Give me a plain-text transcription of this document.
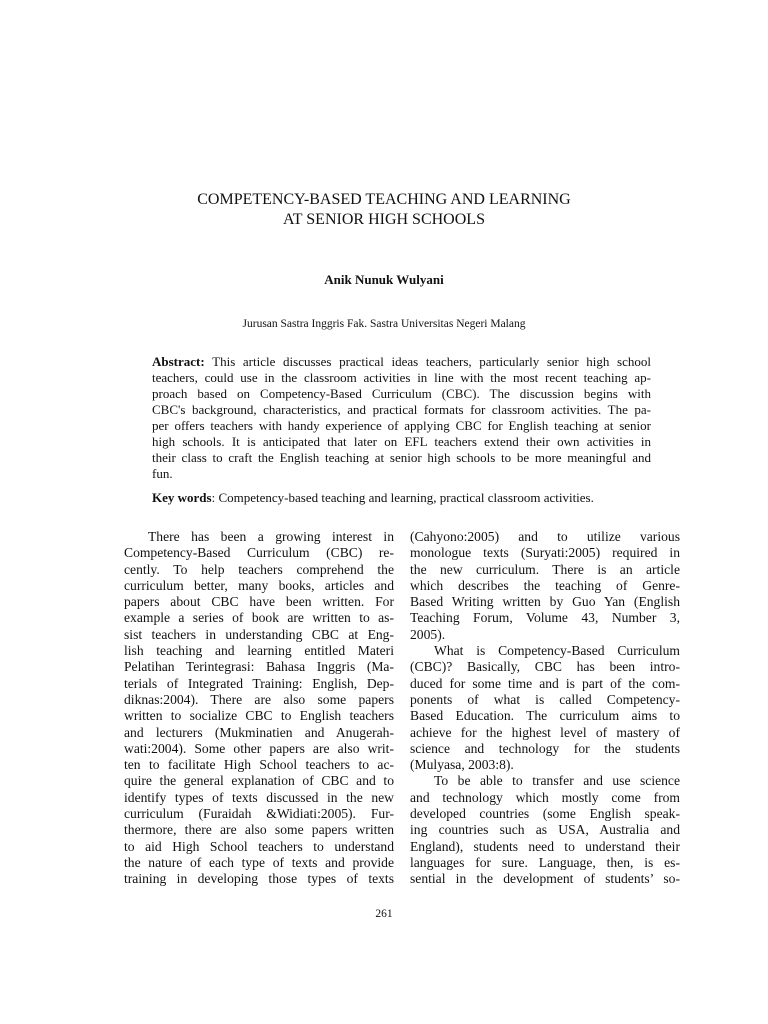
COMPETENCY-BASED TEACHING AND LEARNING
AT SENIOR HIGH SCHOOLS
Anik Nunuk Wulyani
Jurusan Sastra Inggris Fak. Sastra Universitas Negeri Malang
Abstract: This article discusses practical ideas teachers, particularly senior high school
teachers, could use in the classroom activities in line with the most recent teaching ap-
proach based on Competency-Based Curriculum (CBC). The discussion begins with
CBC's background, characteristics, and practical formats for classroom activities. The pa-
per offers teachers with handy experience of applying CBC for English teaching at senior
high schools. It is anticipated that later on EFL teachers extend their own activities in
their class to craft the English teaching at senior high schools to be more meaningful and
fun.
Key words: Competency-based teaching and learning, practical classroom activities.
There has been a growing interest in
Competency-Based Curriculum (CBC) re-
cently. To help teachers comprehend the
curriculum better, many books, articles and
papers about CBC have been written. For
example a series of book are written to as-
sist teachers in understanding CBC at Eng-
lish teaching and learning entitled Materi
Pelatihan Terintegrasi: Bahasa Inggris (Ma-
terials of Integrated Training: English, Dep-
diknas:2004). There are also some papers
written to socialize CBC to English teachers
and lecturers (Mukminatien and Anugerah-
wati:2004). Some other papers are also writ-
ten to facilitate High School teachers to ac-
quire the general explanation of CBC and to
identify types of texts discussed in the new
curriculum (Furaidah &Widiati:2005). Fur-
thermore, there are also some papers written
to aid High School teachers to understand
the nature of each type of texts and provide
training in developing those types of texts
(Cahyono:2005) and to utilize various
monologue texts (Suryati:2005) required in
the new curriculum. There is an article
which describes the teaching of Genre-
Based Writing written by Guo Yan (English
Teaching Forum, Volume 43, Number 3,
2005).
What is Competency-Based Curriculum
(CBC)? Basically, CBC has been intro-
duced for some time and is part of the com-
ponents of what is called Competency-
Based Education. The curriculum aims to
achieve for the highest level of mastery of
science and technology for the students
(Mulyasa, 2003:8).
To be able to transfer and use science
and technology which mostly come from
developed countries (some English speak-
ing countries such as USA, Australia and
England), students need to understand their
languages for sure. Language, then, is es-
sential in the development of students’ so-
261
